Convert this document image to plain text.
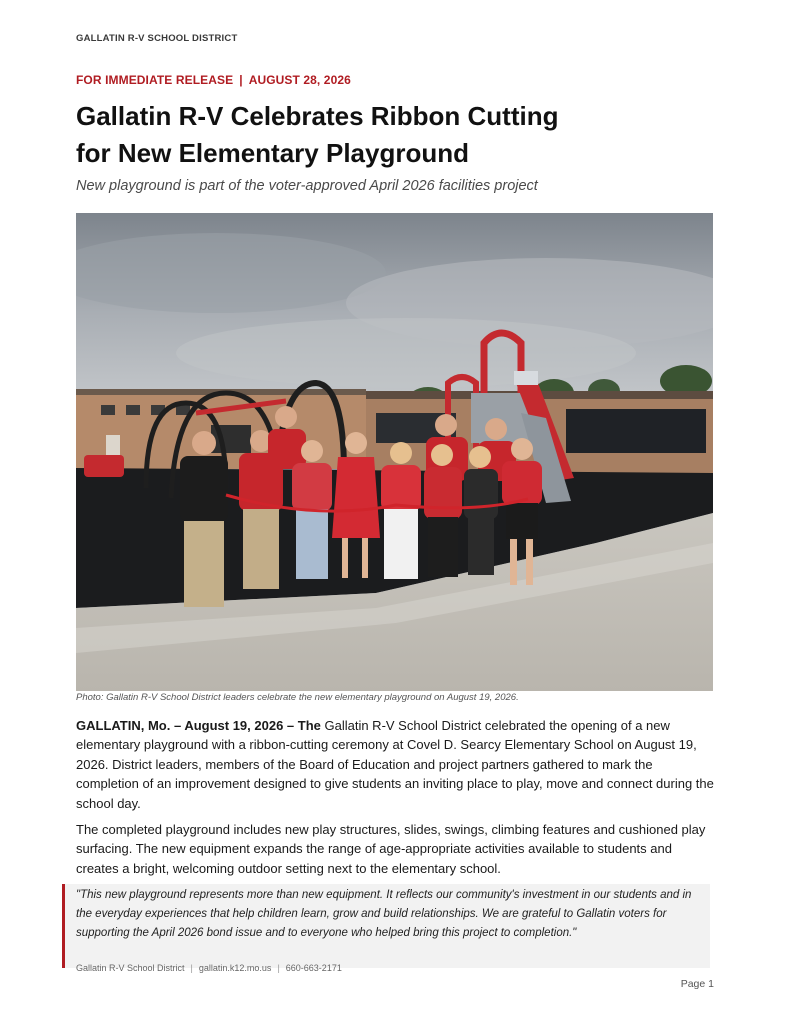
GALLATIN R-V SCHOOL DISTRICT
FOR IMMEDIATE RELEASE | AUGUST 28, 2026
Gallatin R-V Celebrates Ribbon Cutting
for New Elementary Playground
New playground is part of the voter-approved April 2026 facilities project
Photo: Gallatin R-V School District leaders celebrate the new elementary playground on August 19, 2026.

GALLATIN, Mo. – August 19, 2026 – The Gallatin R-V School District celebrated the opening of a new elementary playground with a ribbon-cutting ceremony at Covel D. Searcy Elementary School on August 19, 2026. District leaders, members of the Board of Education and project partners gathered to mark the completion of an improvement designed to give students an inviting place to play, move and connect during the school day.

The completed playground includes new play structures, slides, swings, climbing features and cushioned play surfacing. The new equipment expands the range of age-appropriate activities available to students and creates a bright, welcoming outdoor setting next to the elementary school.

Gallatin R-V School District | gallatin.k12.mo.us | 660-663-2171

"This new playground represents more than new equipment. It reflects our community's investment in our students and in the everyday experiences that help children learn, grow and build relationships. We are grateful to Gallatin voters for supporting the April 2026 bond issue and to everyone who helped bring this project to completion."

Page 1
